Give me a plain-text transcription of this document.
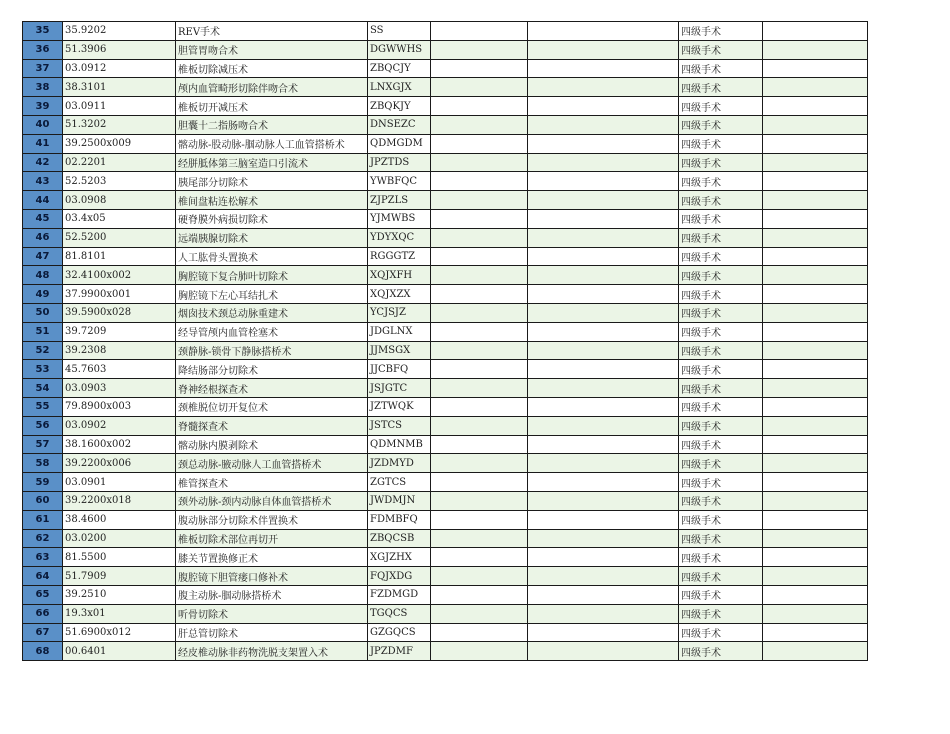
35	35.9202	REV手术	SS			四级手术	
36	51.3906	胆管胃吻合术	DGWWHS			四级手术	
37	03.0912	椎板切除减压术	ZBQCJY			四级手术	
38	38.3101	颅内血管畸形切除伴吻合术	LNXGJX			四级手术	
39	03.0911	椎板切开减压术	ZBQKJY			四级手术	
40	51.3202	胆囊十二指肠吻合术	DNSEZC			四级手术	
41	39.2500x009	髂动脉-股动脉-腘动脉人工血管搭桥术	QDMGDM			四级手术	
42	02.2201	经胼胝体第三脑室造口引流术	JPZTDS			四级手术	
43	52.5203	胰尾部分切除术	YWBFQC			四级手术	
44	03.0908	椎间盘粘连松解术	ZJPZLS			四级手术	
45	03.4x05	硬脊膜外病损切除术	YJMWBS			四级手术	
46	52.5200	远端胰腺切除术	YDYXQC			四级手术	
47	81.8101	人工肱骨头置换术	RGGGTZ			四级手术	
48	32.4100x002	胸腔镜下复合肺叶切除术	XQJXFH			四级手术	
49	37.9900x001	胸腔镜下左心耳结扎术	XQJXZX			四级手术	
50	39.5900x028	烟囱技术颈总动脉重建术	YCJSJZ			四级手术	
51	39.7209	经导管颅内血管栓塞术	JDGLNX			四级手术	
52	39.2308	颈静脉-锁骨下静脉搭桥术	JJMSGX			四级手术	
53	45.7603	降结肠部分切除术	JJCBFQ			四级手术	
54	03.0903	脊神经根探查术	JSJGTC			四级手术	
55	79.8900x003	颈椎脱位切开复位术	JZTWQK			四级手术	
56	03.0902	脊髓探查术	JSTCS			四级手术	
57	38.1600x002	髂动脉内膜剥除术	QDMNMB			四级手术	
58	39.2200x006	颈总动脉-腋动脉人工血管搭桥术	JZDMYD			四级手术	
59	03.0901	椎管探查术	ZGTCS			四级手术	
60	39.2200x018	颈外动脉-颈内动脉自体血管搭桥术	JWDMJN			四级手术	
61	38.4600	腹动脉部分切除术伴置换术	FDMBFQ			四级手术	
62	03.0200	椎板切除术部位再切开	ZBQCSB			四级手术	
63	81.5500	膝关节置换修正术	XGJZHX			四级手术	
64	51.7909	腹腔镜下胆管瘘口修补术	FQJXDG			四级手术	
65	39.2510	腹主动脉-腘动脉搭桥术	FZDMGD			四级手术	
66	19.3x01	听骨切除术	TGQCS			四级手术	
67	51.6900x012	肝总管切除术	GZGQCS			四级手术	
68	00.6401	经皮椎动脉非药物洗脱支架置入术	JPZDMF			四级手术	
